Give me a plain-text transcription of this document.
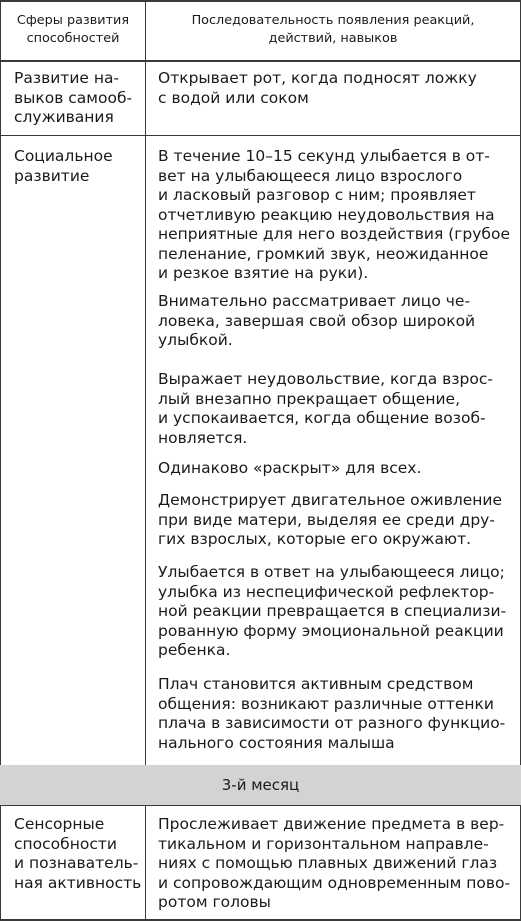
Сферы развития
способностей
Последовательность появления реакций,
действий, навыков
Развитие на-
выков самооб-
служивания
Открывает рот, когда подносят ложку
с водой или соком
Социальное
развитие
В течение 10–15 секунд улыбается в от-
вет на улыбающееся лицо взрослого
и ласковый разговор с ним; проявляет
отчетливую реакцию неудовольствия на
неприятные для него воздействия (грубое
пеленание, громкий звук, неожиданное
и резкое взятие на руки).
Внимательно рассматривает лицо че-
ловека, завершая свой обзор широкой
улыбкой.
Выражает неудовольствие, когда взрос-
лый внезапно прекращает общение,
и успокаивается, когда общение возоб-
новляется.
Одинаково «раскрыт» для всех.
Демонстрирует двигательное оживление
при виде матери, выделяя ее среди дру-
гих взрослых, которые его окружают.
Улыбается в ответ на улыбающееся лицо;
улыбка из неспецифической рефлектор-
ной реакции превращается в специализи-
рованную форму эмоциональной реакции
ребенка.
Плач становится активным средством
общения: возникают различные оттенки
плача в зависимости от разного функцио-
нального состояния малыша
3-й месяц
Сенсорные
способности
и познаватель-
ная активность
Прослеживает движение предмета в вер-
тикальном и горизонтальном направле-
ниях с помощью плавных движений глаз
и сопровождающим одновременным пово-
ротом головы
